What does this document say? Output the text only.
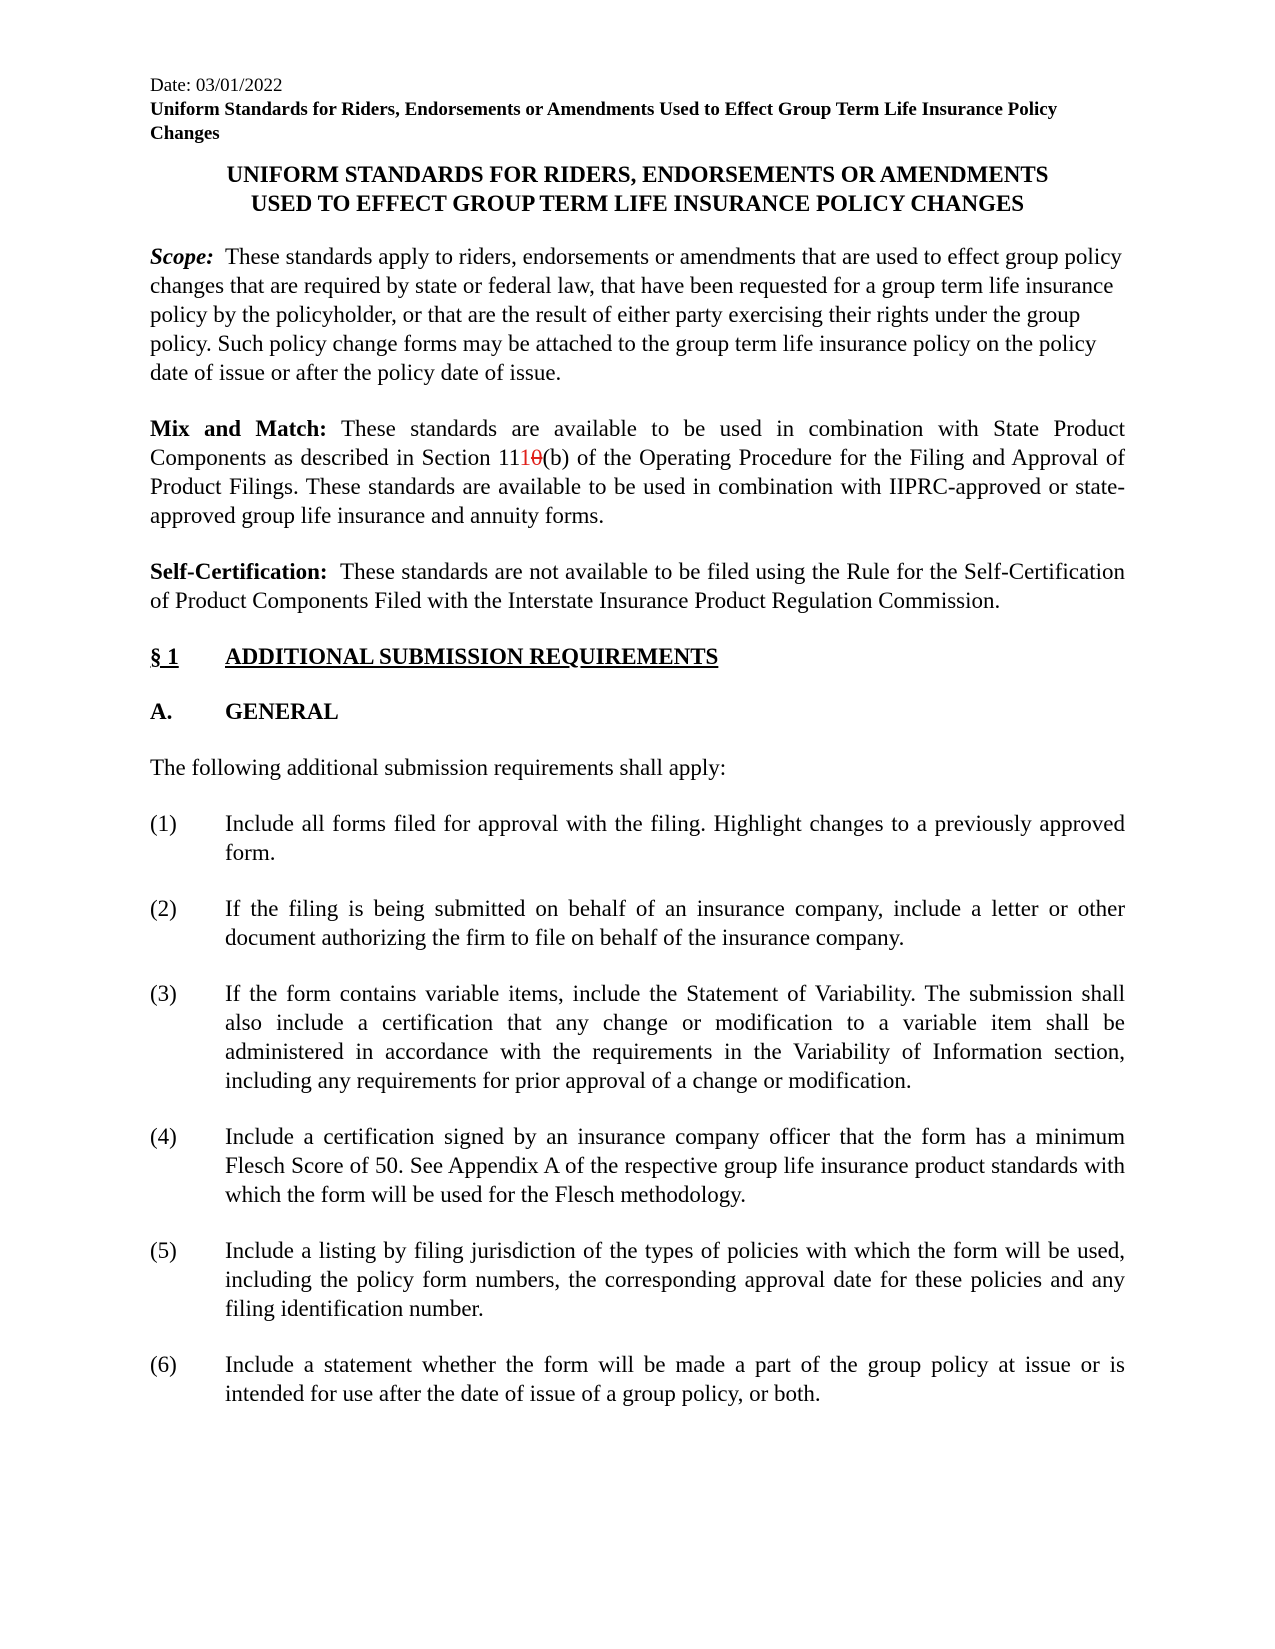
Date: 03/01/2022
Uniform Standards for Riders, Endorsements or Amendments Used to Effect Group Term Life Insurance Policy Changes
UNIFORM STANDARDS FOR RIDERS, ENDORSEMENTS OR AMENDMENTS
USED TO EFFECT GROUP TERM LIFE INSURANCE POLICY CHANGES
Scope: These standards apply to riders, endorsements or amendments that are used to effect group policy changes that are required by state or federal law, that have been requested for a group term life insurance policy by the policyholder, or that are the result of either party exercising their rights under the group policy. Such policy change forms may be attached to the group term life insurance policy on the policy date of issue or after the policy date of issue.
Mix and Match: These standards are available to be used in combination with State Product Components as described in Section 1110(b) of the Operating Procedure for the Filing and Approval of Product Filings. These standards are available to be used in combination with IIPRC-approved or state-approved group life insurance and annuity forms.
Self-Certification: These standards are not available to be filed using the Rule for the Self-Certification of Product Components Filed with the Interstate Insurance Product Regulation Commission.
§ 1 ADDITIONAL SUBMISSION REQUIREMENTS
A. GENERAL
The following additional submission requirements shall apply:
(1)	Include all forms filed for approval with the filing. Highlight changes to a previously approved form.
(2)	If the filing is being submitted on behalf of an insurance company, include a letter or other document authorizing the firm to file on behalf of the insurance company.
(3)	If the form contains variable items, include the Statement of Variability. The submission shall also include a certification that any change or modification to a variable item shall be administered in accordance with the requirements in the Variability of Information section, including any requirements for prior approval of a change or modification.
(4)	Include a certification signed by an insurance company officer that the form has a minimum Flesch Score of 50. See Appendix A of the respective group life insurance product standards with which the form will be used for the Flesch methodology.
(5)	Include a listing by filing jurisdiction of the types of policies with which the form will be used, including the policy form numbers, the corresponding approval date for these policies and any filing identification number.
(6)	Include a statement whether the form will be made a part of the group policy at issue or is intended for use after the date of issue of a group policy, or both.
